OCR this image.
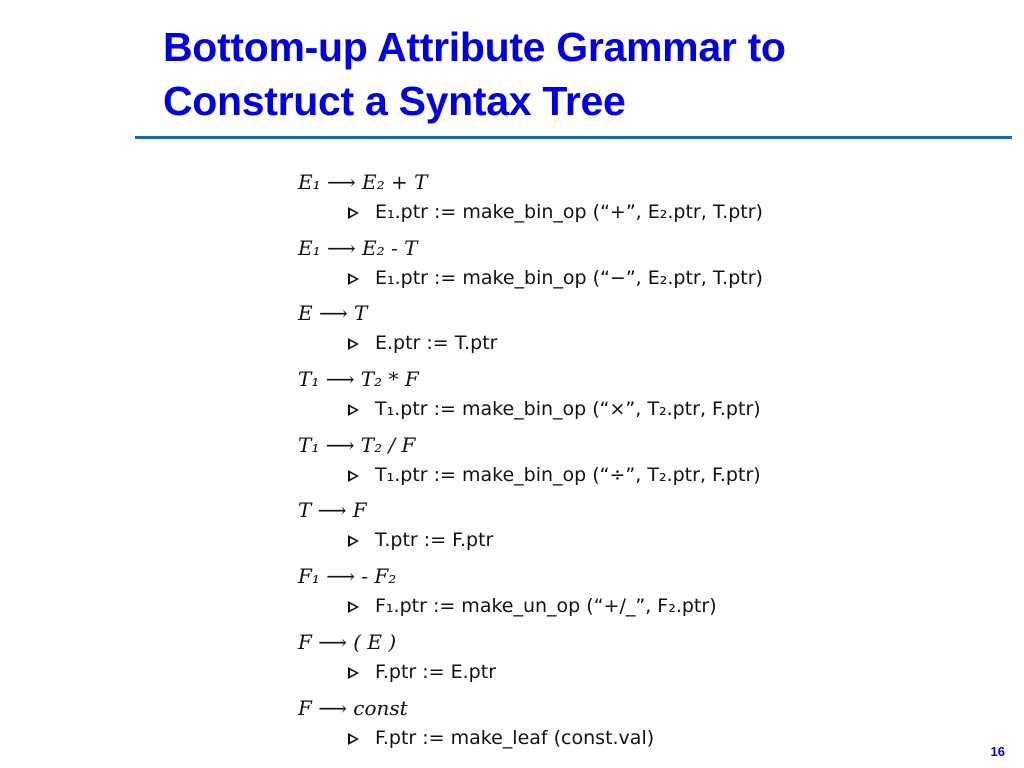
Bottom-up Attribute Grammar to
Construct a Syntax Tree
E₁ ⟶ E₂ + T
E₁.ptr := make_bin_op (“+”, E₂.ptr, T.ptr)
E₁ ⟶ E₂ - T
E₁.ptr := make_bin_op (“−”, E₂.ptr, T.ptr)
E ⟶ T
E.ptr := T.ptr
T₁ ⟶ T₂ * F
T₁.ptr := make_bin_op (“×”, T₂.ptr, F.ptr)
T₁ ⟶ T₂ / F
T₁.ptr := make_bin_op (“÷”, T₂.ptr, F.ptr)
T ⟶ F
T.ptr := F.ptr
F₁ ⟶ - F₂
F₁.ptr := make_un_op (“+/_”, F₂.ptr)
F ⟶ ( E )
F.ptr := E.ptr
F ⟶ const
F.ptr := make_leaf (const.val)
16
